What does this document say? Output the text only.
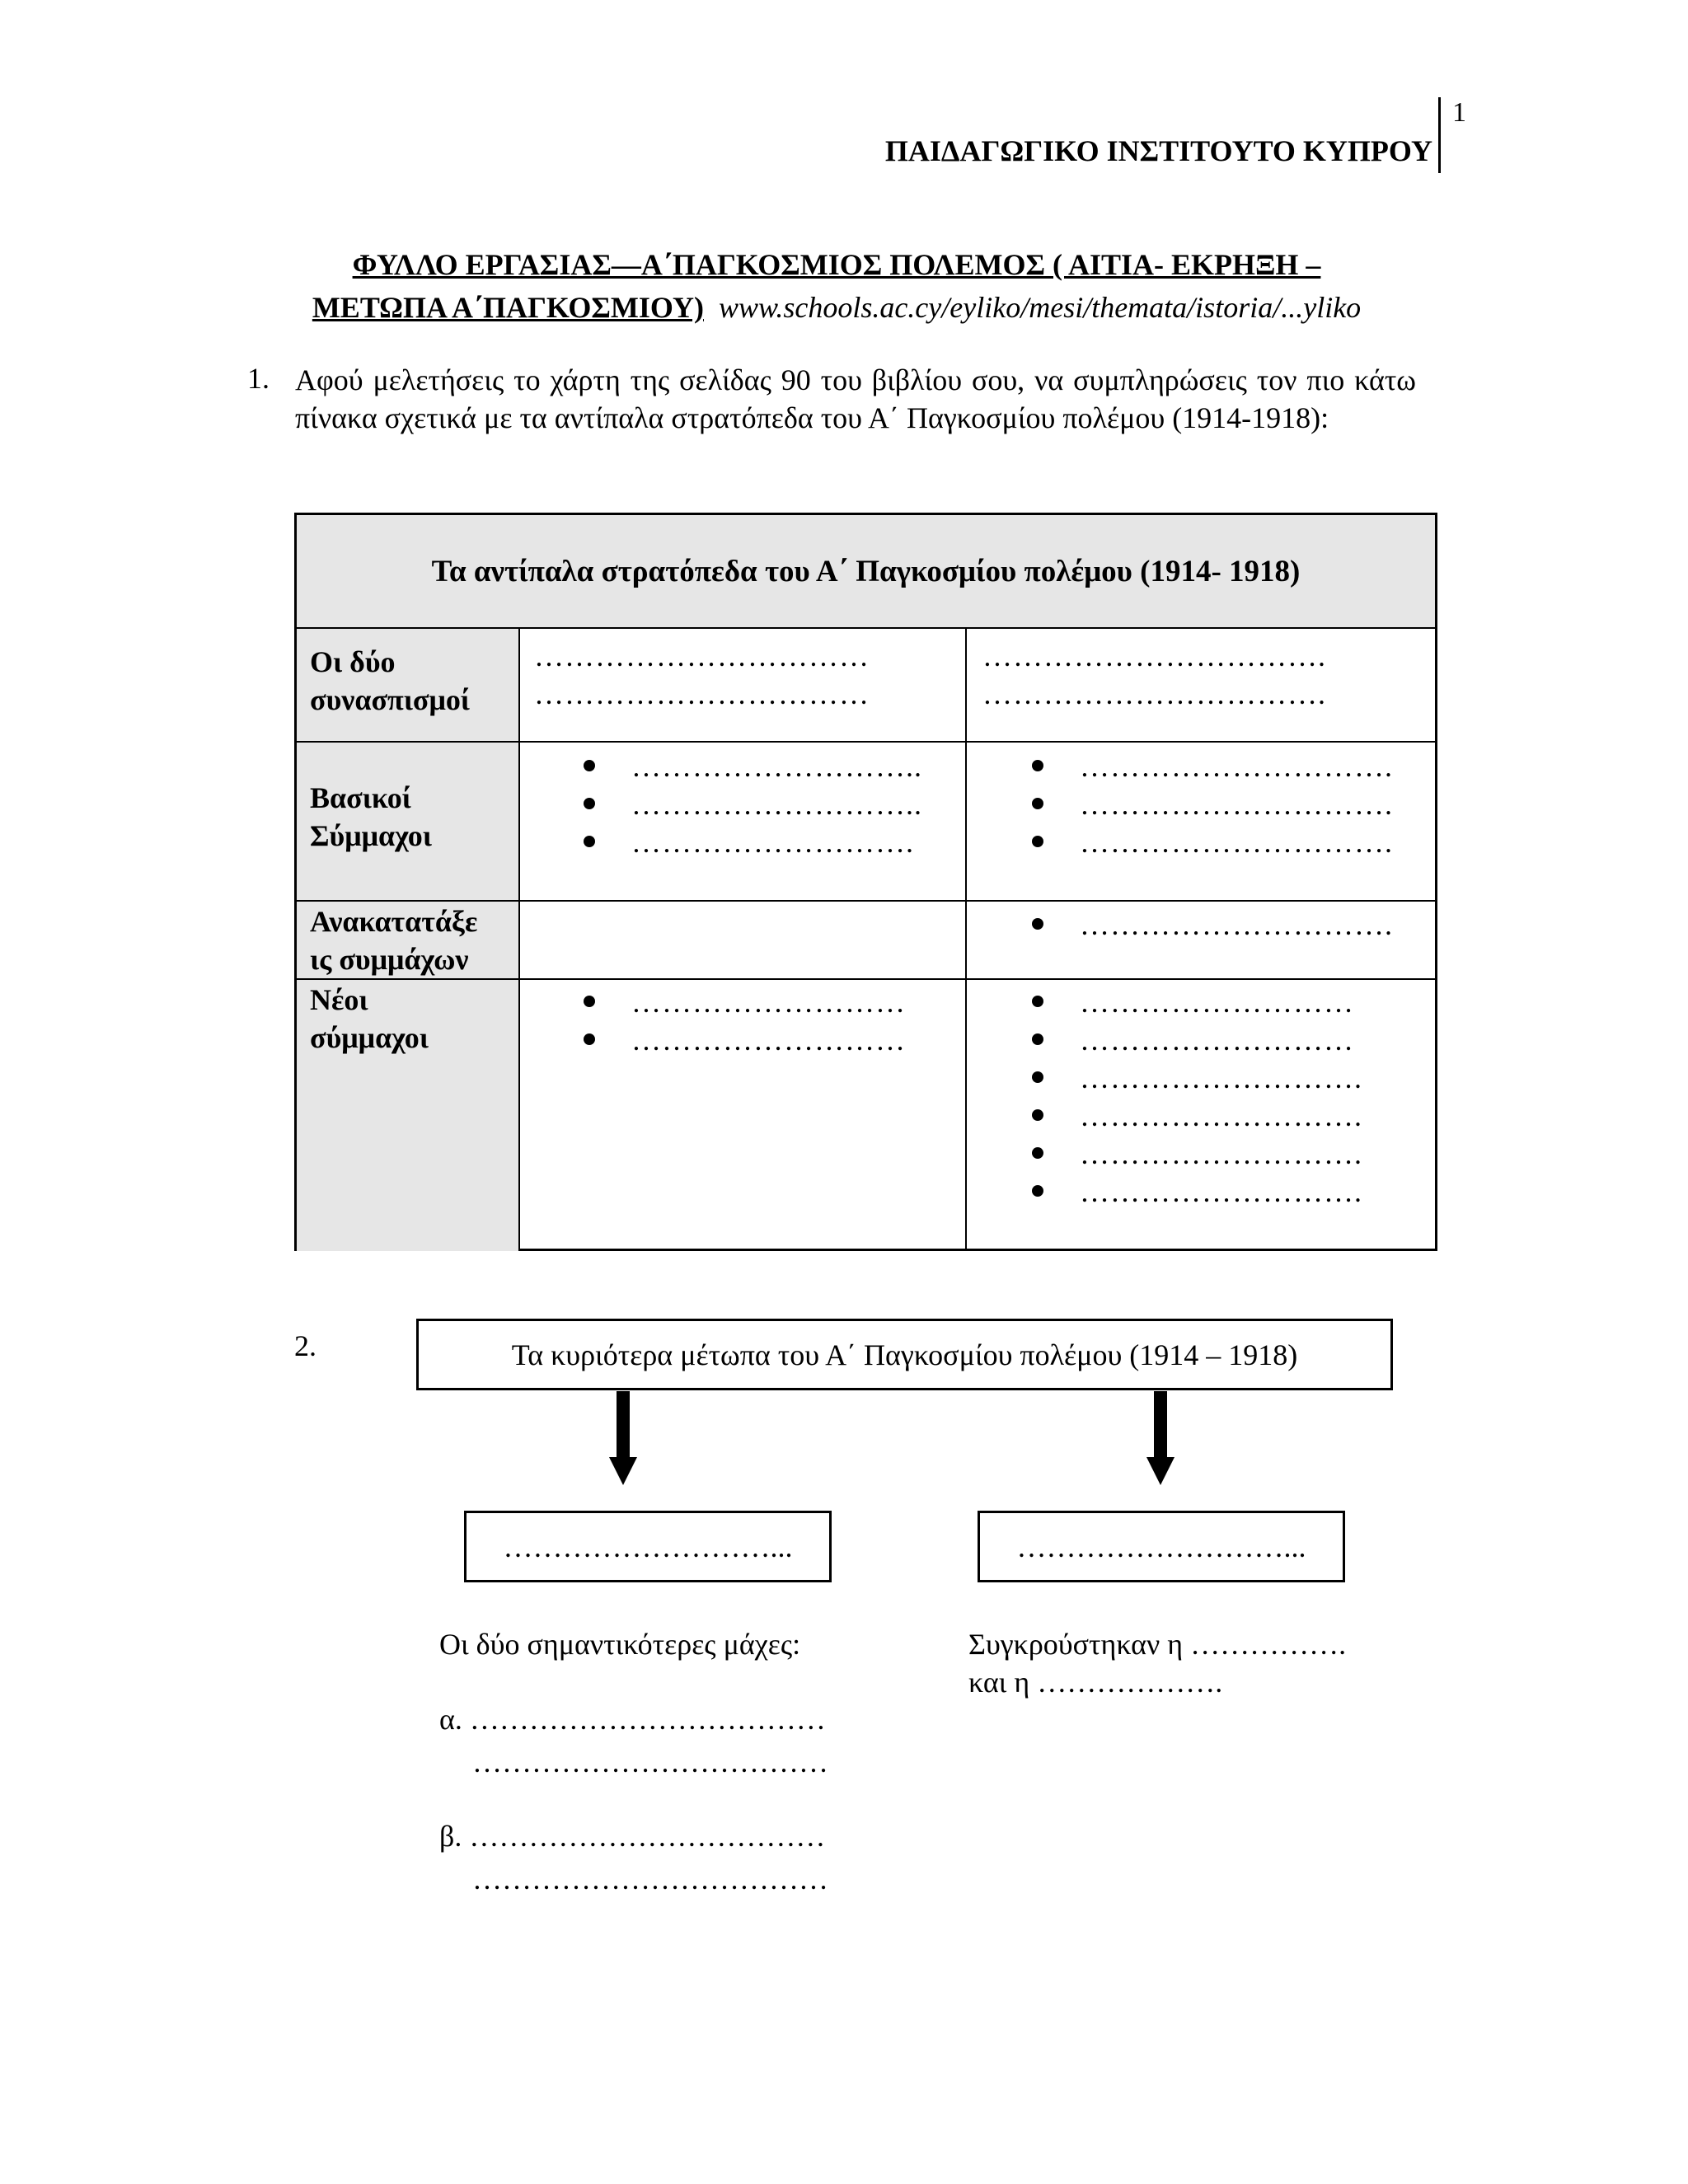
1
ΠΑΙΔΑΓΩΓΙΚΟ ΙΝΣΤΙΤΟΥΤΟ ΚΥΠΡΟΥ
ΦΥΛΛΟ ΕΡΓΑΣΙΑΣ—Α΄ΠΑΓΚΟΣΜΙΟΣ ΠΟΛΕΜΟΣ ( ΑΙΤΙΑ- ΕΚΡΗΞΗ –
ΜΕΤΩΠΑ Α΄ΠΑΓΚΟΣΜΙΟΥ) www.schools.ac.cy/eyliko/mesi/themata/istoria/...yliko
1. Αφού μελετήσεις το χάρτη της σελίδας 90 του βιβλίου σου, να συμπληρώσεις τον πιο κάτω πίνακα σχετικά με τα αντίπαλα στρατόπεδα του Α΄ Παγκοσμίου πολέμου (1914-1918):
Τα αντίπαλα στρατόπεδα του Α΄ Παγκοσμίου πολέμου (1914- 1918)
Οι δύο
συνασπισμοί
Βασικοί
Σύμμαχοι
Ανακατατάξε
ις συμμάχων
Νέοι
σύμμαχοι
……………………………
……………………………
…………………………….
…………………………….
………………………..
………………………..
……………………….
………………………….
………………………….
………………………….
………………………….
………………………
………………………
………………………
………………………
……………………….
……………………….
……………………….
……………………….
2.	Τα κυριότερα μέτωπα του Α΄ Παγκοσμίου πολέμου (1914 – 1918)
………………………...	………………………...
Οι δύο σημαντικότερες μάχες:
α. ………………………………
………………………………
β. ………………………………
………………………………
Συγκρούστηκαν η …………….
και η ……………….
